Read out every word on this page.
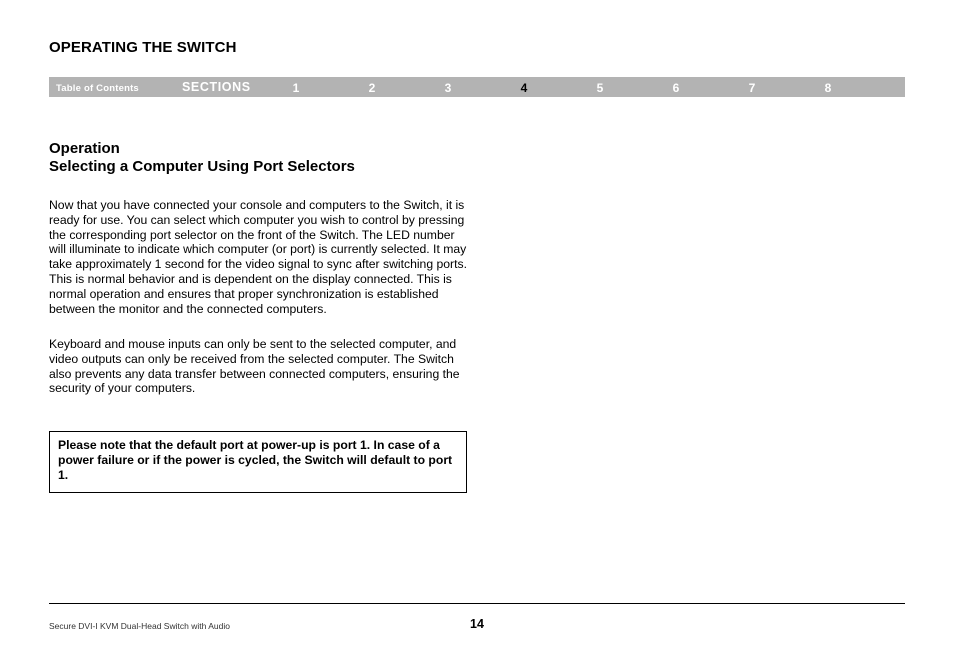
OPERATING THE SWITCH
Table of Contents	SECTIONS	1	2	3	4	5	6	7	8
Operation
Selecting a Computer Using Port Selectors
Now that you have connected your console and computers to the Switch, it is ready for use. You can select which computer you wish to control by pressing the corresponding port selector on the front of the Switch. The LED number will illuminate to indicate which computer (or port) is currently selected. It may take approximately 1 second for the video signal to sync after switching ports. This is normal behavior and is dependent on the display connected. This is normal operation and ensures that proper synchronization is established between the monitor and the connected computers.
Keyboard and mouse inputs can only be sent to the selected computer, and video outputs can only be received from the selected computer. The Switch also prevents any data transfer between connected computers, ensuring the security of your computers.
Please note that the default port at power-up is port 1. In case of a power failure or if the power is cycled, the Switch will default to port 1.
Secure DVI-I KVM Dual-Head Switch with Audio	14
